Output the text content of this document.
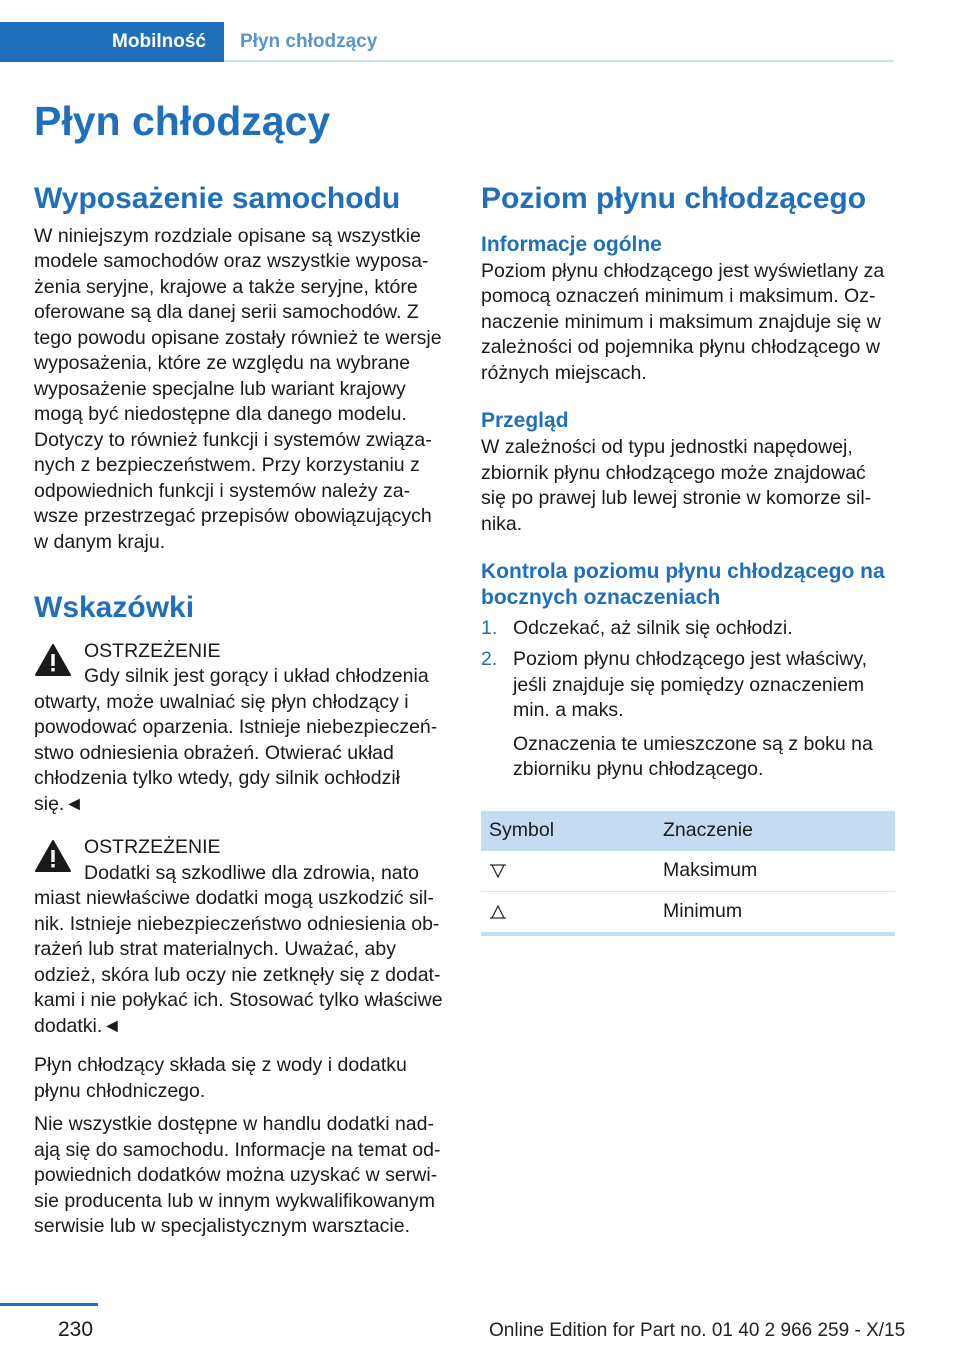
Mobilność	Płyn chłodzący
Płyn chłodzący
Wyposażenie samochodu

W niniejszym rozdziale opisane są wszystkie modele samochodów oraz wszystkie wyposażenia seryjne, krajowe a także seryjne, które oferowane są dla danej serii samochodów. Z tego powodu opisane zostały również te wersje wyposażenia, które ze względu na wybrane wyposażenie specjalne lub wariant krajowy mogą być niedostępne dla danego modelu. Dotyczy to również funkcji i systemów związanych z bezpieczeństwem. Przy korzystaniu z odpowiednich funkcji i systemów należy zawsze przestrzegać przepisów obowiązujących w danym kraju.

Wskazówki
OSTRZEŻENIE
Gdy silnik jest gorący i układ chłodzenia
otwarty, może uwalniać się płyn chłodzący i powodować oparzenia. Istnieje niebezpieczeństwo odniesienia obrażeń. Otwierać układ chłodzenia tylko wtedy, gdy silnik ochłodził się.◄
OSTRZEŻENIE
Dodatki są szkodliwe dla zdrowia, nato
miast niewłaściwe dodatki mogą uszkodzić silnik. Istnieje niebezpieczeństwo odniesienia obrażeń lub strat materialnych. Uważać, aby odzież, skóra lub oczy nie zetknęły się z dodatkami i nie połykać ich. Stosować tylko właściwe dodatki.◄

Płyn chłodzący składa się z wody i dodatku płynu chłodniczego.

Nie wszystkie dostępne w handlu dodatki nadają się do samochodu. Informacje na temat odpowiednich dodatków można uzyskać w serwisie producenta lub w innym wykwalifikowanym serwisie lub w specjalistycznym warsztacie.

Poziom płynu chłodzącego
Informacje ogólne

Poziom płynu chłodzącego jest wyświetlany za pomocą oznaczeń minimum i maksimum. Oznaczenie minimum i maksimum znajduje się w zależności od pojemnika płynu chłodzącego w różnych miejscach.

Przegląd

W zależności od typu jednostki napędowej, zbiornik płynu chłodzącego może znajdować się po prawej lub lewej stronie w komorze silnika.

Kontrola poziomu płynu chłodzącego na bocznych oznaczeniach
1. Odczekać, aż silnik się ochłodzi.
2. Poziom płynu chłodzącego jest właściwy, jeśli znajduje się pomiędzy oznaczeniem min. a maks.
Oznaczenia te umieszczone są z boku na zbiorniku płynu chłodzącego.
Symbol	Znaczenie
	Maksimum
	Minimum
230	Online Edition for Part no. 01 40 2 966 259 - X/15
